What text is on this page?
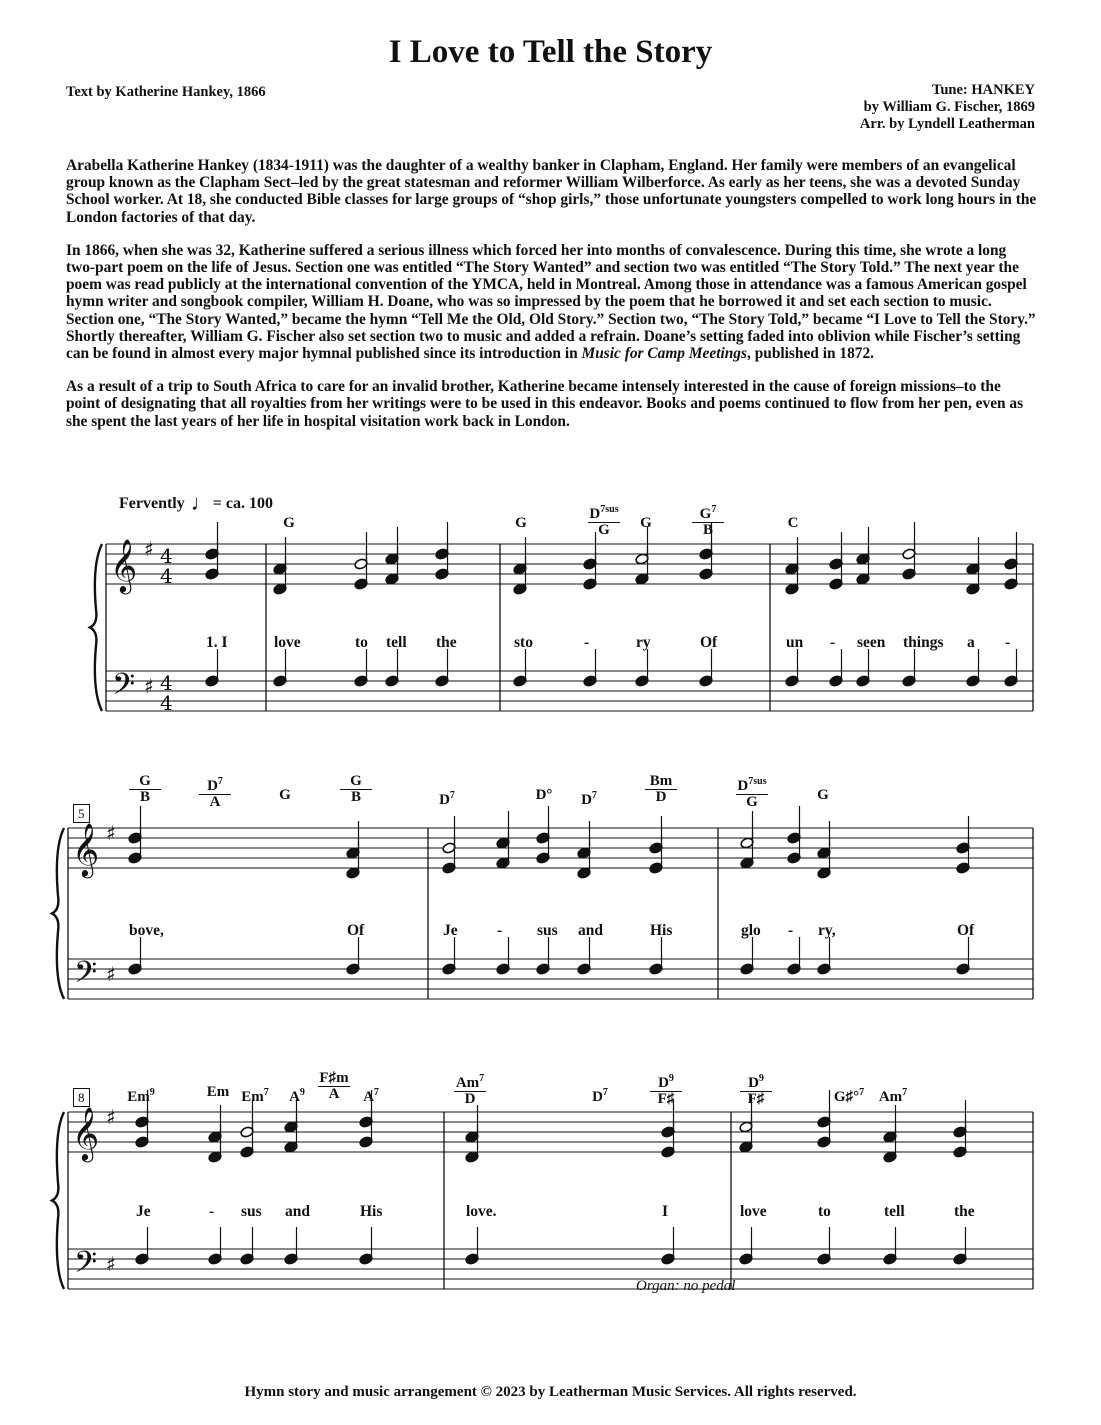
I Love to Tell the Story
Text by Katherine Hankey, 1866	Tune: HANKEY
by William G. Fischer, 1869
Arr. by Lyndell Leatherman

Arabella Katherine Hankey (1834-1911) was the daughter of a wealthy banker in Clapham, England. Her family were members of an evangelical group known as the Clapham Sect–led by the great statesman and reformer William Wilberforce. As early as her teens, she was a devoted Sunday School worker. At 18, she conducted Bible classes for large groups of “shop girls,” those unfortunate youngsters compelled to work long hours in the London factories of that day.

In 1866, when she was 32, Katherine suffered a serious illness which forced her into months of convalescence. During this time, she wrote a long two-part poem on the life of Jesus. Section one was entitled “The Story Wanted” and section two was entitled “The Story Told.” The next year the poem was read publicly at the international convention of the YMCA, held in Montreal. Among those in attendance was a famous American gospel hymn writer and songbook compiler, William H. Doane, who was so impressed by the poem that he borrowed it and set each section to music. Section one, “The Story Wanted,” became the hymn “Tell Me the Old, Old Story.” Section two, “The Story Told,” became “I Love to Tell the Story.” Shortly thereafter, William G. Fischer also set section two to music and added a refrain. Doane’s setting faded into oblivion while Fischer’s setting can be found in almost every major hymnal published since its introduction in Music for Camp Meetings, published in 1872.

As a result of a trip to South Africa to care for an invalid brother, Katherine became intensely interested in the cause of foreign missions–to the point of designating that all royalties from her writings were to be used in this endeavor. Books and poems continued to flow from her pen, even as she spent the last years of her life in hospital visitation work back in London.

Fervently ♩= ca. 100
𝄞
𝄢
♯
♯
4
4
4
4
𝄞
𝄢
♯
♯
𝄞
𝄢
♯
♯
G	G
$D^{7sus}$
G	G	$\frac{G^7}{B}$	C
$\frac{G}{B}$	$\frac{D^7}{A}$	G	$\frac{G}{B}$	$D^7$	D°	$D^7$	$\frac{Bm}{D}$	$D^{7sus}$
G	G
Em$^9$	Em Em$^7$	$A^9 \frac{F♯m}{A} A^7$	$\frac{Am^7}{D}$	$D^7$	$\frac{D^9}{F♯}$	$\frac{D^9}{F♯}$	G♯°$^7$ Am$^7$
1. I	love	to tell the	sto	-	ry	Of	un - seen things a -
bove,	Of	Je	- sus and	His	glo - ry,	Of
Je	- sus and	His	love.	I	love	to	tell	the
5
8
Organ: no pedal
Hymn story and music arrangement © 2023 by Leatherman Music Services. All rights reserved.
